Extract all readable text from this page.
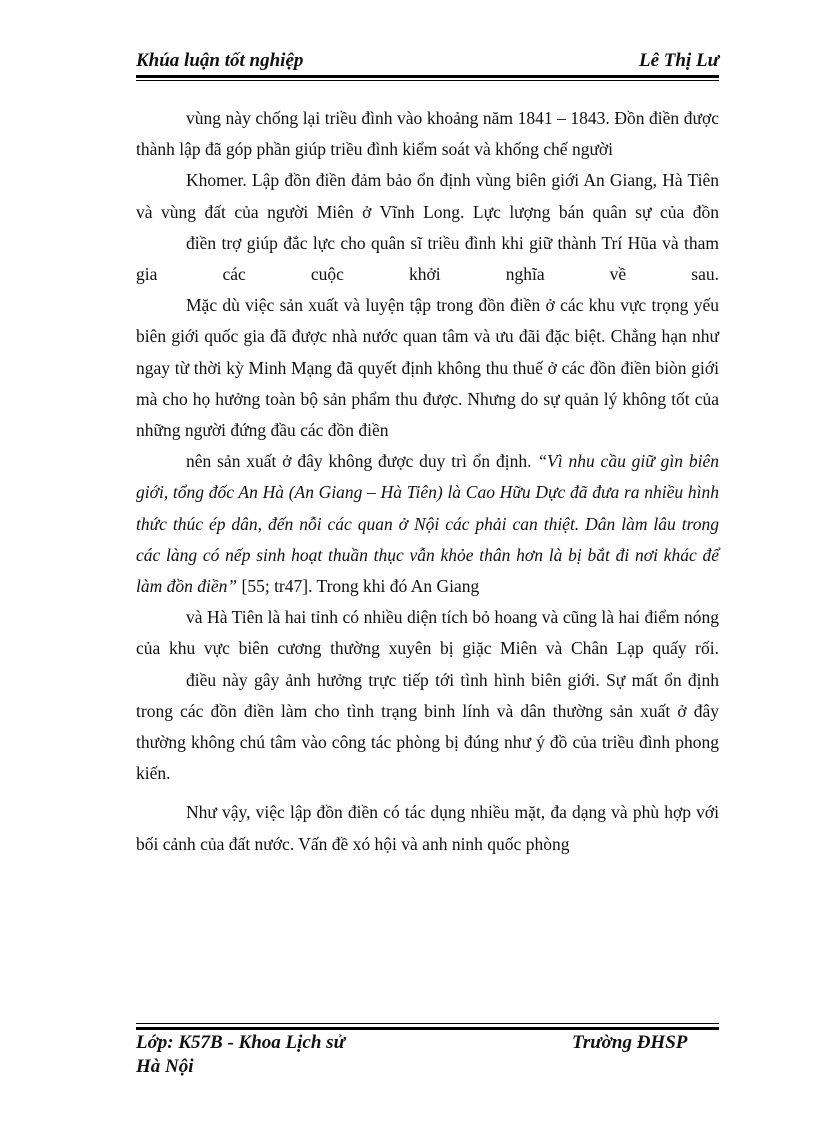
Khúa luận tốt nghiệp	Lê Thị Lư

vùng này chống lại triều đình vào khoảng năm 1841 – 1843. Đồn điền được thành lập đã góp phần giúp triều đình kiểm soát và khống chế người

Khomer. Lập đồn điền đảm bảo ổn định vùng biên giới An Giang, Hà Tiên và vùng đất của người Miên ở Vĩnh Long. Lực lượng bán quân sự của đồn

điền trợ giúp đắc lực cho quân sĩ triều đình khi giữ thành Trí Hũa và tham gia các cuộc khởi nghĩa về sau.

Mặc dù việc sản xuất và luyện tập trong đồn điền ở các khu vực trọng yếu biên giới quốc gia đã được nhà nước quan tâm và ưu đãi đặc biệt. Chẳng hạn như ngay từ thời kỳ Minh Mạng đã quyết định không thu thuế ở các đồn điền biòn giới mà cho họ hưởng toàn bộ sản phẩm thu được. Nhưng do sự quản lý không tốt của những người đứng đầu các đồn điền

nên sản xuất ở đây không được duy trì ổn định. “Vì nhu cầu giữ gìn biên giới, tổng đốc An Hà (An Giang – Hà Tiên) là Cao Hữu Dực đã đưa ra nhiều hình thức thúc ép dân, đến nỗi các quan ở Nội các phải can thiệt. Dân làm lâu trong các làng có nếp sinh hoạt thuần thục vẫn khỏe thân hơn là bị bắt đi nơi khác để làm đồn điền” [55; tr47]. Trong khi đó An Giang

và Hà Tiên là hai tỉnh có nhiều diện tích bỏ hoang và cũng là hai điểm nóng của khu vực biên cương thường xuyên bị giặc Miên và Chân Lạp quấy rối.

điều này gây ảnh hưởng trực tiếp tới tình hình biên giới. Sự mất ổn định trong các đồn điền làm cho tình trạng binh lính và dân thường sản xuất ở đây thường không chú tâm vào công tác phòng bị đúng như ý đồ của triều đình phong kiến.

Như vậy, việc lập đồn điền có tác dụng nhiều mặt, đa dạng và phù hợp với bối cảnh của đất nước. Vấn đề xó hội và anh ninh quốc phòng

Lớp: K57B - Khoa Lịch sử
Hà Nội
Trường ĐHSP
